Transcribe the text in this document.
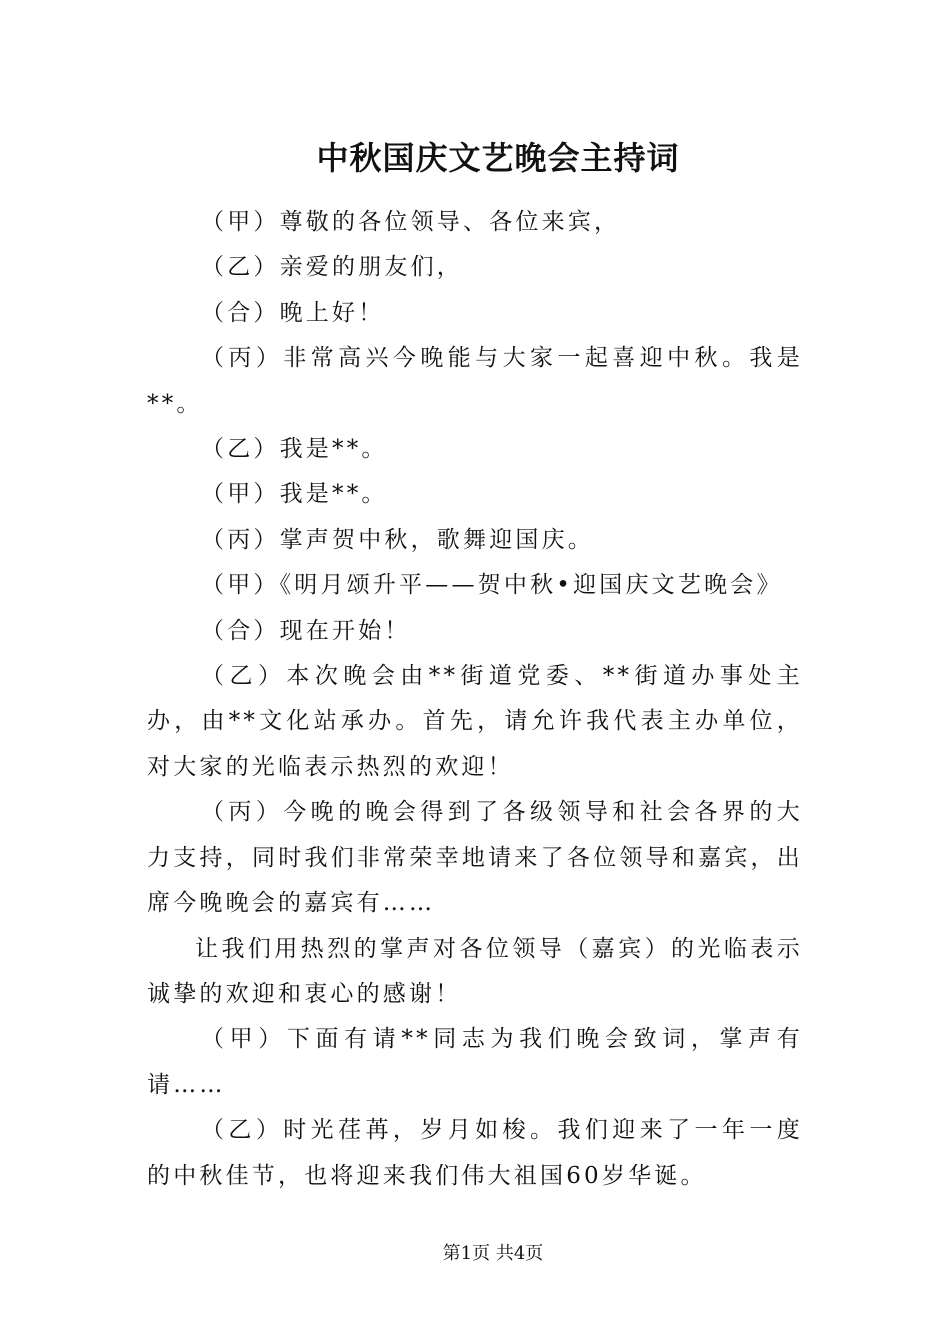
中秋国庆文艺晚会主持词

（甲）尊敬的各位领导、各位来宾，

（乙）亲爱的朋友们，

（合）晚上好！

（丙）非常高兴今晚能与大家一起喜迎中秋。我是**。

（乙）我是**。

（甲）我是**。

（丙）掌声贺中秋，歌舞迎国庆。

（甲）《明月颂升平——贺中秋•迎国庆文艺晚会》

（合）现在开始！

（乙）本次晚会由**街道党委、**街道办事处主办，由**文化站承办。首先，请允许我代表主办单位，对大家的光临表示热烈的欢迎！

（丙）今晚的晚会得到了各级领导和社会各界的大力支持，同时我们非常荣幸地请来了各位领导和嘉宾，出席今晚晚会的嘉宾有……

让我们用热烈的掌声对各位领导（嘉宾）的光临表示诚挚的欢迎和衷心的感谢！

（甲）下面有请**同志为我们晚会致词，掌声有请……

（乙）时光荏苒，岁月如梭。我们迎来了一年一度的中秋佳节，也将迎来我们伟大祖国60岁华诞。

第1页 共4页
